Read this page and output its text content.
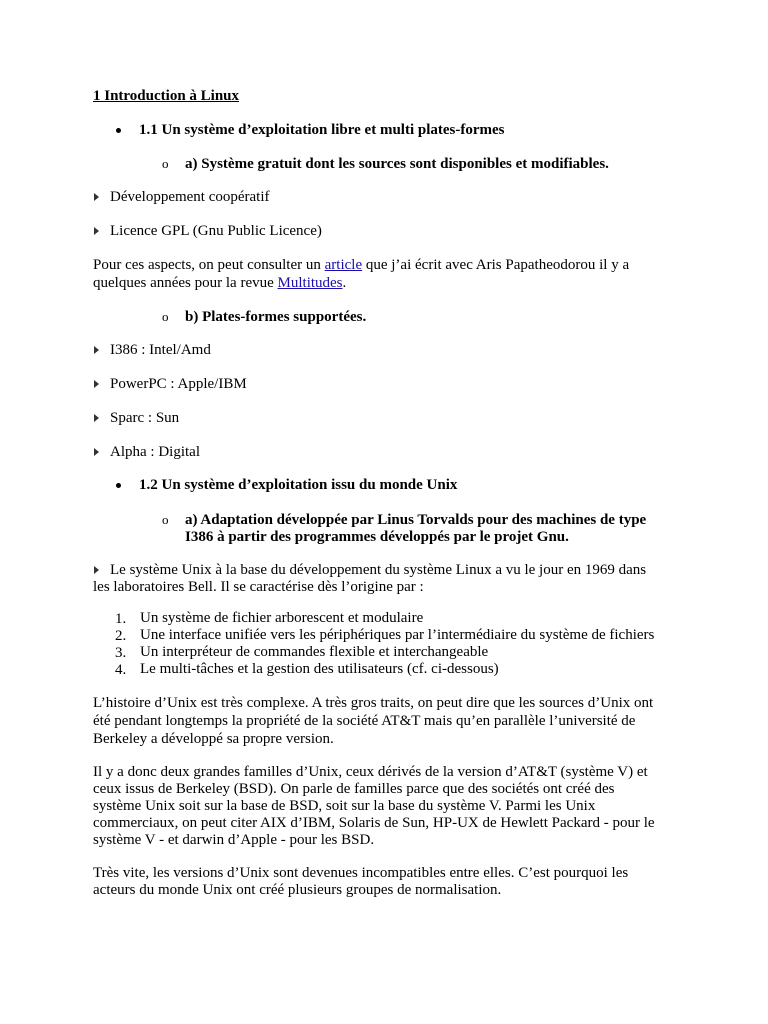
1 Introduction à Linux
1.1 Un système d’exploitation libre et multi plates-formes
o a) Système gratuit dont les sources sont disponibles et modifiables.
Développement coopératif
Licence GPL (Gnu Public Licence)
Pour ces aspects, on peut consulter un article que j’ai écrit avec Aris Papatheodorou il y a
quelques années pour la revue Multitudes.
o b) Plates-formes supportées.
I386 : Intel/Amd
PowerPC : Apple/IBM
Sparc : Sun
Alpha : Digital
1.2 Un système d’exploitation issu du monde Unix
o a) Adaptation développée par Linus Torvalds pour des machines de type
I386 à partir des programmes développés par le projet Gnu.
Le système Unix à la base du développement du système Linux a vu le jour en 1969 dans
les laboratoires Bell. Il se caractérise dès l’origine par :
1. Un système de fichier arborescent et modulaire
2. Une interface unifiée vers les périphériques par l’intermédiaire du système de fichiers
3. Un interpréteur de commandes flexible et interchangeable
4. Le multi-tâches et la gestion des utilisateurs (cf. ci-dessous)
L’histoire d’Unix est très complexe. A très gros traits, on peut dire que les sources d’Unix ont
été pendant longtemps la propriété de la société AT&T mais qu’en parallèle l’université de
Berkeley a développé sa propre version.
Il y a donc deux grandes familles d’Unix, ceux dérivés de la version d’AT&T (système V) et
ceux issus de Berkeley (BSD). On parle de familles parce que des sociétés ont créé des
système Unix soit sur la base de BSD, soit sur la base du système V. Parmi les Unix
commerciaux, on peut citer AIX d’IBM, Solaris de Sun, HP-UX de Hewlett Packard - pour le
système V - et darwin d’Apple - pour les BSD.
Très vite, les versions d’Unix sont devenues incompatibles entre elles. C’est pourquoi les
acteurs du monde Unix ont créé plusieurs groupes de normalisation.
